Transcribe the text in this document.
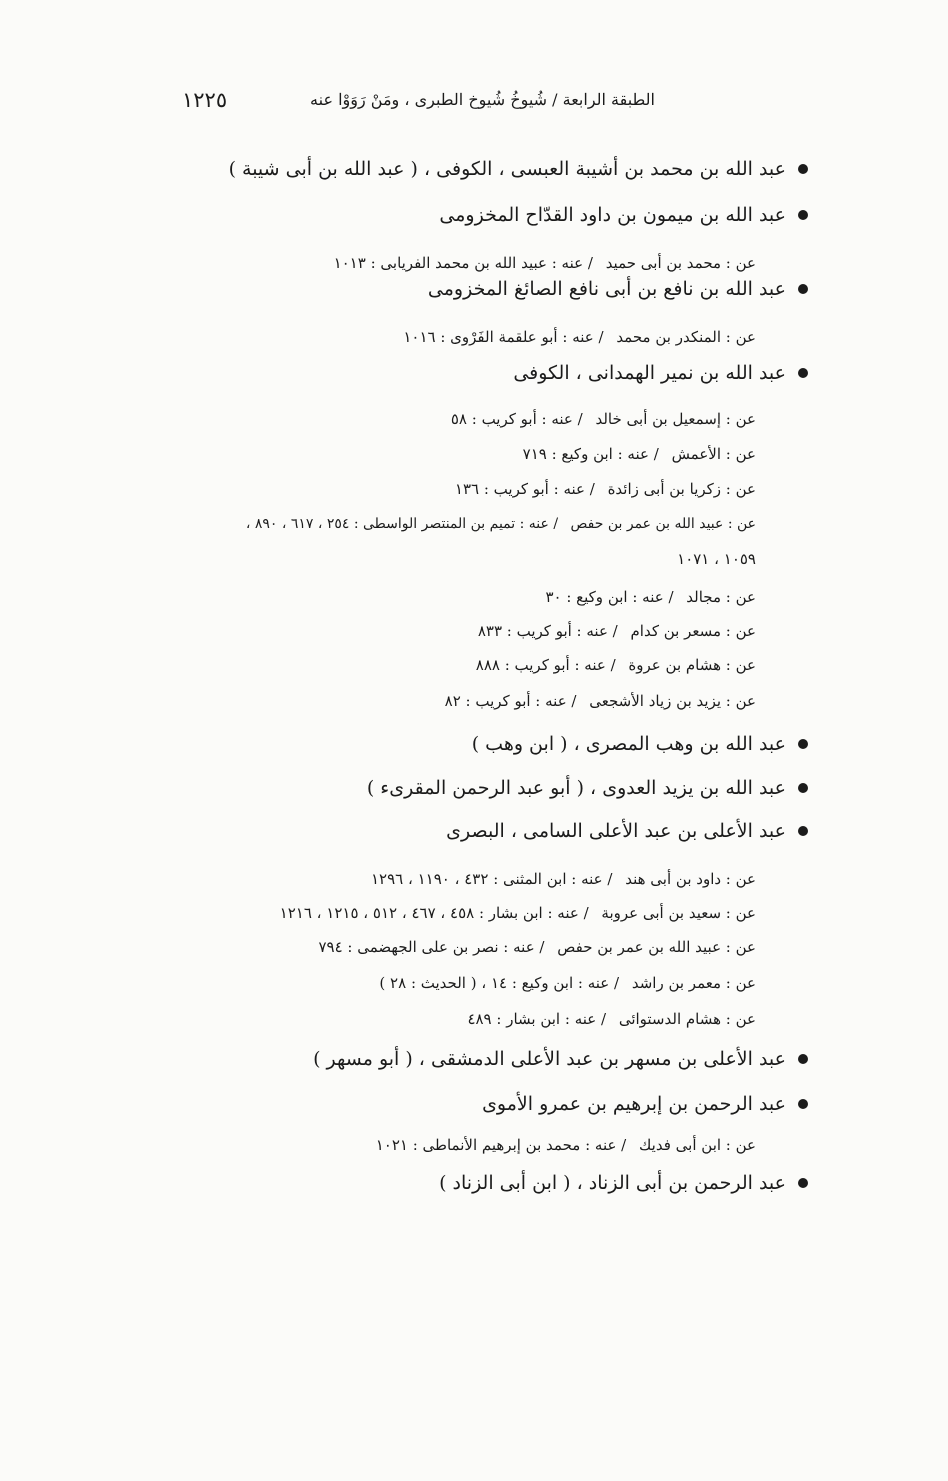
١٢٢٥	الطبقة الرابعة / شُيوخُ شُيوخ الطبرى ، ومَنْ رَوَوْا عنه
عبد الله بن محمد بن أشيبة العبسى ، الكوفى ، ( عبد الله بن أبى شيبة )
عبد الله بن ميمون بن داود القدّاح المخزومى
عن : محمد بن أبى حميد / عنه : عبيد الله بن محمد الفريابى : ١٠١٣
عبد الله بن نافع بن أبى نافع الصائغ المخزومى
عن : المنكدر بن محمد / عنه : أبو علقمة الفَرْوى : ١٠١٦
عبد الله بن نمير الهمدانى ، الكوفى
عن : إسمعيل بن أبى خالد / عنه : أبو كريب : ٥٨
عن : الأعمش / عنه : ابن وكيع : ٧١٩
عن : زكريا بن أبى زائدة / عنه : أبو كريب : ١٣٦
عن : عبيد الله بن عمر بن حفص / عنه : تميم بن المنتصر الواسطى : ٢٥٤ ، ٦١٧ ، ٨٩٠ ،
١٠٥٩ ، ١٠٧١
عن : مجالد / عنه : ابن وكيع : ٣٠
عن : مسعر بن كدام / عنه : أبو كريب : ٨٣٣
عن : هشام بن عروة / عنه : أبو كريب : ٨٨٨
عن : يزيد بن زياد الأشجعى / عنه : أبو كريب : ٨٢
عبد الله بن وهب المصرى ، ( ابن وهب )
عبد الله بن يزيد العدوى ، ( أبو عبد الرحمن المقرىء )
عبد الأعلى بن عبد الأعلى السامى ، البصرى
عن : داود بن أبى هند / عنه : ابن المثنى : ٤٣٢ ، ١١٩٠ ، ١٢٩٦
عن : سعيد بن أبى عروبة / عنه : ابن بشار : ٤٥٨ ، ٤٦٧ ، ٥١٢ ، ١٢١٥ ، ١٢١٦
عن : عبيد الله بن عمر بن حفص / عنه : نصر بن على الجهضمى : ٧٩٤
عن : معمر بن راشد / عنه : ابن وكيع : ١٤ ، ( الحديث : ٢٨ )
عن : هشام الدستوائى / عنه : ابن بشار : ٤٨٩
عبد الأعلى بن مسهر بن عبد الأعلى الدمشقى ، ( أبو مسهر )
عبد الرحمن بن إبرهيم بن عمرو الأموى
عن : ابن أبى فديك / عنه : محمد بن إبرهيم الأنماطى : ١٠٢١
عبد الرحمن بن أبى الزناد ، ( ابن أبى الزناد )
